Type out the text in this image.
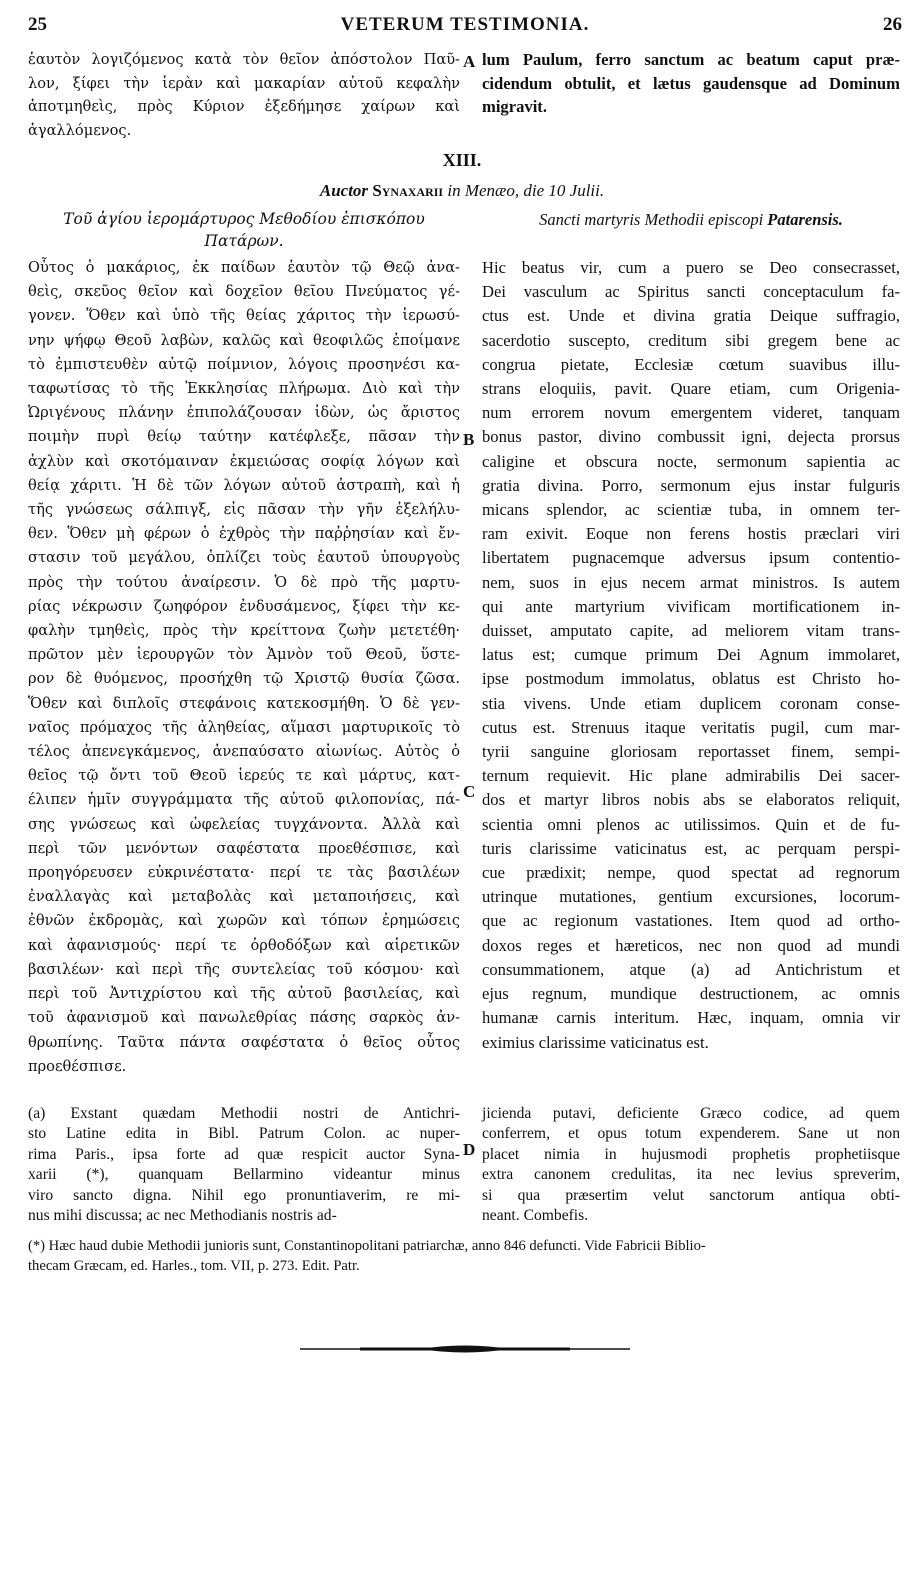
25	VETERUM TESTIMONIA.	26
ἑαυτὸν λογιζόμενος κατὰ τὸν θεῖον ἀπόστολον Παῦ-
λον, ξίφει τὴν ἱερὰν καὶ μακαρίαν αὐτοῦ κεφαλὴν
ἀποτμηθεὶς, πρὸς Κύριον ἐξεδήμησε χαίρων καὶ
ἀγαλλόμενος.
A lum Paulum, ferro sanctum ac beatum caput præ-
cidendum obtulit, et lætus gaudensque ad Dominum
migravit.
XIII.
Auctor Synaxarii in Menæo, die 10 Julii.
Τοῦ ἁγίου ἱερομάρτυρος Μεθοδίου ἐπισκόπου
Πατάρων.
Sancti martyris Methodii episcopi Patarensis.
Οὗτος ὁ μακάριος, ἐκ παίδων ἑαυτὸν τῷ Θεῷ ἀνα-
θεὶς, σκεῦος θεῖον καὶ δοχεῖον θεῖου Πνεύματος γέ-
γονεν. Ὅθεν καὶ ὑπὸ τῆς θείας χάριτος τὴν ἱερωσύ-
νην ψήφῳ Θεοῦ λαβὼν, καλῶς καὶ θεοφιλῶς ἐποίμανε
τὸ ἐμπιστευθὲν αὐτῷ ποίμνιον, λόγοις προσηνέσι κα-
ταφωτίσας τὸ τῆς Ἐκκλησίας πλήρωμα. Διὸ καὶ τὴν
Ὠριγένους πλάνην ἐπιπολάζουσαν ἰδὼν, ὡς ἄριστος
ποιμὴν πυρὶ θείῳ ταύτην κατέφλεξε, πᾶσαν τὴν
ἀχλὺν καὶ σκοτόμαιναν ἐκμειώσας σοφίᾳ λόγων καὶ
θείᾳ χάριτι. Ἡ δὲ τῶν λόγων αὐτοῦ ἀστραπὴ, καὶ ἡ
τῆς γνώσεως σάλπιγξ, εἰς πᾶσαν τὴν γῆν ἐξελήλυ-
θεν. Ὅθεν μὴ φέρων ὁ ἐχθρὸς τὴν παῤῥησίαν καὶ ἔν-
στασιν τοῦ μεγάλου, ὁπλίζει τοὺς ἑαυτοῦ ὑπουργοὺς
πρὸς τὴν τούτου ἀναίρεσιν. Ὁ δὲ πρὸ τῆς μαρτυ-
ρίας νέκρωσιν ζωηφόρον ἐνδυσάμενος, ξίφει τὴν κε-
φαλὴν τμηθεὶς, πρὸς τὴν κρείττονα ζωὴν μετετέθη·
πρῶτον μὲν ἱερουργῶν τὸν Ἀμνὸν τοῦ Θεοῦ, ὕστε-
ρον δὲ θυόμενος, προσήχθη τῷ Χριστῷ θυσία ζῶσα.
Ὅθεν καὶ διπλοῖς στεφάνοις κατεκοσμήθη. Ὁ δὲ γεν-
ναῖος πρόμαχος τῆς ἀληθείας, αἵμασι μαρτυρικοῖς τὸ
τέλος ἀπενεγκάμενος, ἀνεπαύσατο αἰωνίως. Αὐτὸς ὁ
θεῖος τῷ ὄντι τοῦ Θεοῦ ἱερεύς τε καὶ μάρτυς, κατ-
έλιπεν ἡμῖν συγγράμματα τῆς αὐτοῦ φιλοπονίας, πά-
σης γνώσεως καὶ ὠφελείας τυγχάνοντα. Ἀλλὰ καὶ
περὶ τῶν μενόντων σαφέστατα προεθέσπισε, καὶ
προηγόρευσεν εὐκρινέστατα· περί τε τὰς βασιλέων
ἐναλλαγὰς καὶ μεταβολὰς καὶ μεταποιήσεις, καὶ
ἐθνῶν ἐκδρομὰς, καὶ χωρῶν καὶ τόπων ἐρημώσεις
καὶ ἀφανισμούς· περί τε ὀρθοδόξων καὶ αἱρετικῶν
βασιλέων· καὶ περὶ τῆς συντελείας τοῦ κόσμου· καὶ
περὶ τοῦ Ἀντιχρίστου καὶ τῆς αὐτοῦ βασιλείας, καὶ
τοῦ ἀφανισμοῦ καὶ πανωλεθρίας πάσης σαρκὸς ἀν-
θρωπίνης. Ταῦτα πάντα σαφέστατα ὁ θεῖος οὗτος
προεθέσπισε.
Hic beatus vir, cum a puero se Deo consecrasset,
Dei vasculum ac Spiritus sancti conceptaculum fa-
ctus est. Unde et divina gratia Deique suffragio,
sacerdotio suscepto, creditum sibi gregem bene ac
congrua pietate, Ecclesiæ cœtum suavibus illu-
strans eloquiis, pavit. Quare etiam, cum Origenia-
num errorem novum emergentem videret, tanquam
bonus pastor, divino combussit igni, dejecta prorsus
caligine et obscura nocte, sermonum sapientia ac
gratia divina. Porro, sermonum ejus instar fulguris
micans splendor, ac scientiæ tuba, in omnem ter-
ram exivit. Eoque non ferens hostis præclari viri
libertatem pugnacemque adversus ipsum contentio-
nem, suos in ejus necem armat ministros. Is autem
qui ante martyrium vivificam mortificationem in-
duisset, amputato capite, ad meliorem vitam trans-
latus est; cumque primum Dei Agnum immolaret,
ipse postmodum immolatus, oblatus est Christo ho-
stia vivens. Unde etiam duplicem coronam conse-
cutus est. Strenuus itaque veritatis pugil, cum mar-
tyrii sanguine gloriosam reportasset finem, sempi-
ternum requievit. Hic plane admirabilis Dei sacer-
dos et martyr libros nobis abs se elaboratos reliquit,
scientia omni plenos ac utilissimos. Quin et de fu-
turis clarissime vaticinatus est, ac perquam perspi-
cue prædixit; nempe, quod spectat ad regnorum
utrinque mutationes, gentium excursiones, locorum-
que ac regionum vastationes. Item quod ad ortho-
doxos reges et hæreticos, nec non quod ad mundi
consummationem, atque (a) ad Antichristum et
ejus regnum, mundique destructionem, ac omnis
humanæ carnis interitum. Hæc, inquam, omnia vir
eximius clarissime vaticinatus est.
B
C
D
(a) Exstant quædam Methodii nostri de Antichri-
sto Latine edita in Bibl. Patrum Colon. ac nuper-
rima Paris., ipsa forte ad quæ respicit auctor Syna-
xarii (*), quanquam Bellarmino videantur minus
viro sancto digna. Nihil ego pronuntiaverim, re mi-
nus mihi discussa; ac nec Methodianis nostris ad-
jicienda putavi, deficiente Græco codice, ad quem
conferrem, et opus totum expenderem. Sane ut non
placet nimia in hujusmodi prophetis prophetiisque
extra canonem credulitas, ita nec levius spreverim,
si qua præsertim velut sanctorum antiqua obti-
neant. Combefis.
(*) Hæc haud dubie Methodii junioris sunt, Constantinopolitani patriarchæ, anno 846 defuncti. Vide Fabricii Biblio-
thecam Græcam, ed. Harles., tom. VII, p. 273. Edit. Patr.
